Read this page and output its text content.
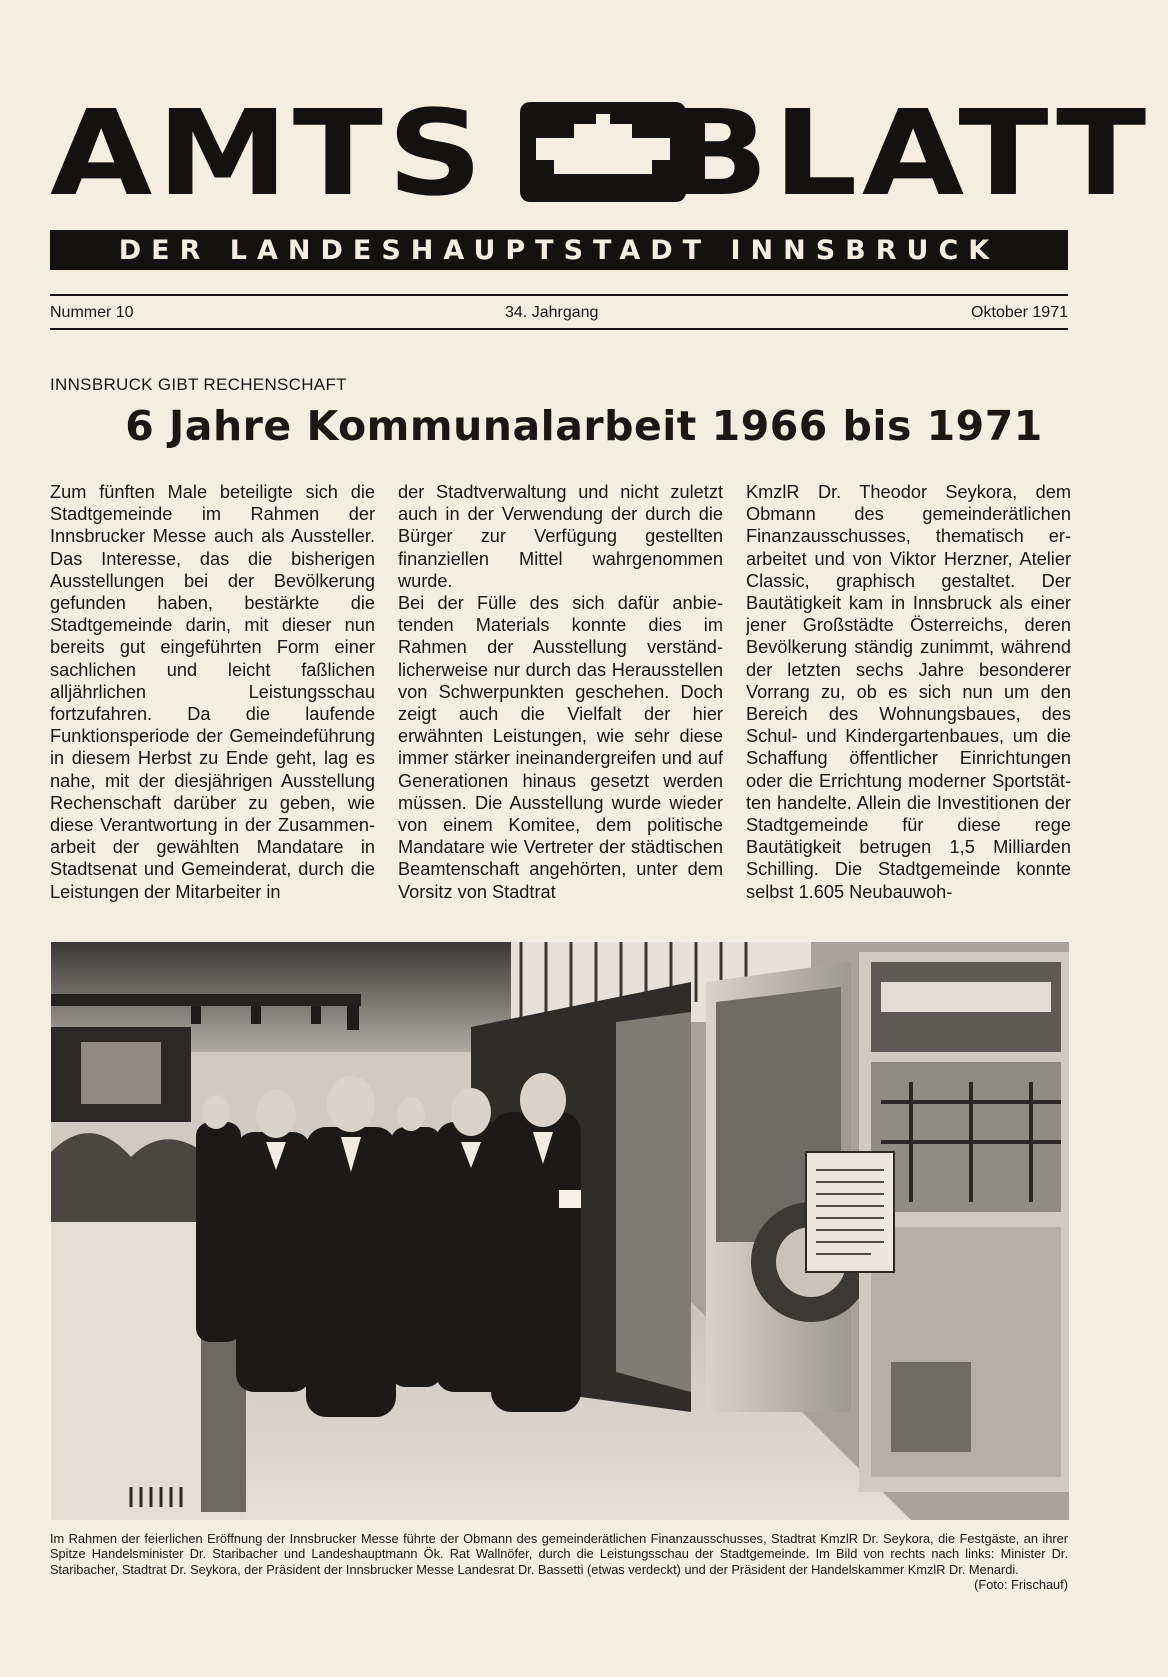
AMTS BLATT
DER LANDESHAUPTSTADT INNSBRUCK
Nummer 10	34. Jahrgang	Oktober 1971
INNSBRUCK GIBT RECHENSCHAFT
6 Jahre Kommunalarbeit 1966 bis 1971
Zum fünften Male beteiligte sich die Stadtgemeinde im Rahmen der Innsbrucker Messe auch als Aussteller. Das Interesse, das die bisherigen Ausstellungen bei der Bevölkerung gefunden haben, bestärkte die Stadtgemeinde darin, mit dieser nun bereits gut eingeführten Form einer sachlichen und leicht faßlichen alljährlichen Leistungsschau fortzufahren. Da die laufende Funktionsperiode der Gemeindeführung in diesem Herbst zu Ende geht, lag es nahe, mit der diesjährigen Ausstellung Rechenschaft darüber zu geben, wie diese Verantwortung in der Zusammenarbeit der gewählten Mandatare in Stadtsenat und Gemeinderat, durch die Leistungen der Mitarbeiter in
der Stadtverwaltung und nicht zuletzt auch in der Verwendung der durch die Bürger zur Verfügung gestellten finanziellen Mittel wahrgenommen wurde.
Bei der Fülle des sich dafür anbietenden Materials konnte dies im Rahmen der Ausstellung verständlicherweise nur durch das Herausstellen von Schwerpunkten geschehen. Doch zeigt auch die Vielfalt der hier erwähnten Leistungen, wie sehr diese immer stärker ineinandergreifen und auf Generationen hinaus gesetzt werden müssen. Die Ausstellung wurde wieder von einem Komitee, dem politische Mandatare wie Vertreter der städtischen Beamtenschaft angehörten, unter dem Vorsitz von Stadtrat
KmzlR Dr. Theodor Seykora, dem Obmann des gemeinderätlichen Finanzausschusses, thematisch erarbeitet und von Viktor Herzner, Atelier Classic, graphisch gestaltet. Der Bautätigkeit kam in Innsbruck als einer jener Großstädte Österreichs, deren Bevölkerung ständig zunimmt, während der letzten sechs Jahre besonderer Vorrang zu, ob es sich nun um den Bereich des Wohnungsbaues, des Schul- und Kindergartenbaues, um die Schaffung öffentlicher Einrichtungen oder die Errichtung moderner Sportstätten handelte. Allein die Investitionen der Stadtgemeinde für diese rege Bautätigkeit betrugen 1,5 Milliarden Schilling. Die Stadtgemeinde konnte selbst 1.605 Neubauwoh-
Im Rahmen der feierlichen Eröffnung der Innsbrucker Messe führte der Obmann des gemeinderätlichen Finanzausschusses, Stadtrat KmzlR Dr. Seykora, die Festgäste, an ihrer Spitze Handelsminister Dr. Staribacher und Landeshauptmann Ök. Rat Wallnöfer, durch die Leistungsschau der Stadtgemeinde. Im Bild von rechts nach links: Minister Dr. Staribacher, Stadtrat Dr. Seykora, der Präsident der Innsbrucker Messe Landesrat Dr. Bassetti (etwas verdeckt) und der Präsident der Handelskammer KmzlR Dr. Menardi.
(Foto: Frischauf)
